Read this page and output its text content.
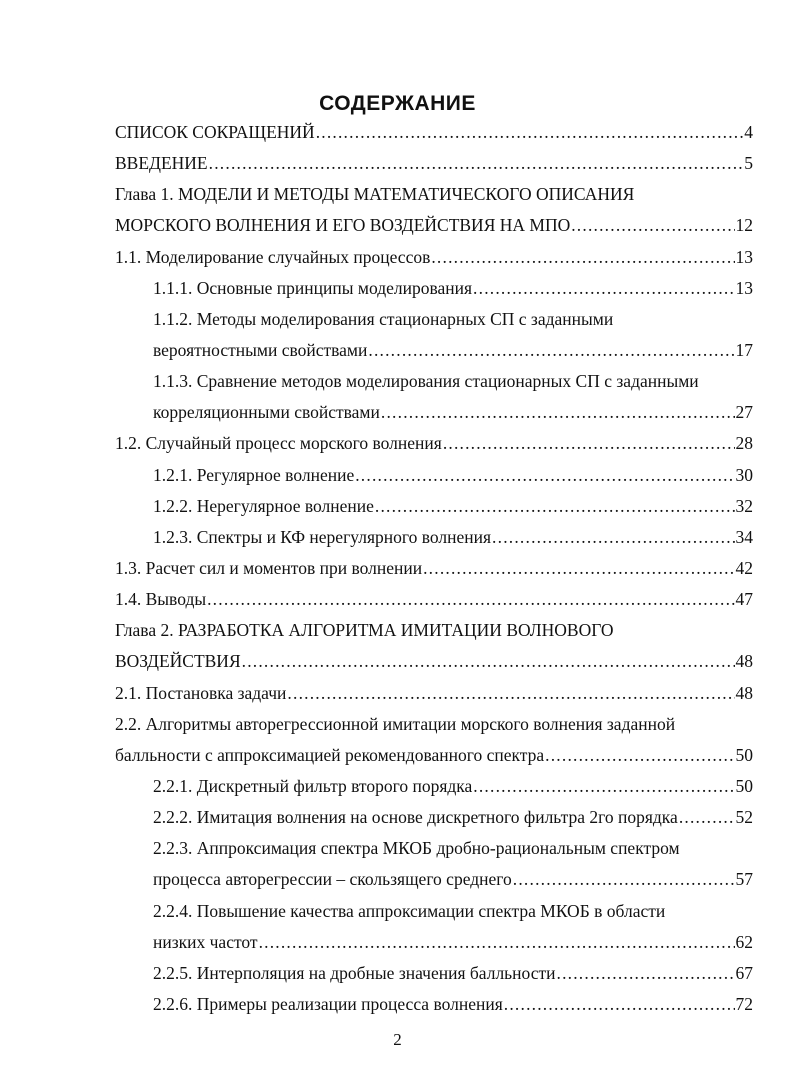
СОДЕРЖАНИЕ
СПИСОК СОКРАЩЕНИЙ .....	4
ВВЕДЕНИЕ .....	5
Глава 1. МОДЕЛИ И МЕТОДЫ МАТЕМАТИЧЕСКОГО ОПИСАНИЯ
МОРСКОГО ВОЛНЕНИЯ И ЕГО ВОЗДЕЙСТВИЯ НА МПО .....	12
1.1. Моделирование случайных процессов .....	13
1.1.1. Основные принципы моделирования .....	13
1.1.2. Методы моделирования стационарных СП с заданными
вероятностными свойствами .....	17
1.1.3. Сравнение методов моделирования стационарных СП с заданными
корреляционными свойствами .....	27
1.2. Случайный процесс морского волнения .....	28
1.2.1. Регулярное волнение .....	30
1.2.2. Нерегулярное волнение .....	32
1.2.3. Спектры и КФ нерегулярного волнения .....	34
1.3. Расчет сил и моментов при волнении .....	42
1.4. Выводы .....	47
Глава 2. РАЗРАБОТКА АЛГОРИТМА ИМИТАЦИИ ВОЛНОВОГО
ВОЗДЕЙСТВИЯ .....	48
2.1. Постановка задачи .....	48
2.2. Алгоритмы авторегрессионной имитации морского волнения заданной
балльности с аппроксимацией рекомендованного спектра .....	50
2.2.1. Дискретный фильтр второго порядка .....	50
2.2.2. Имитация волнения на основе дискретного фильтра 2го порядка .....	52
2.2.3. Аппроксимация спектра МКОБ дробно-рациональным спектром
процесса авторегрессии – скользящего среднего .....	57
2.2.4. Повышение качества аппроксимации спектра МКОБ в области
низких частот .....	62
2.2.5. Интерполяция на дробные значения балльности .....	67
2.2.6. Примеры реализации процесса волнения .....	72
2
